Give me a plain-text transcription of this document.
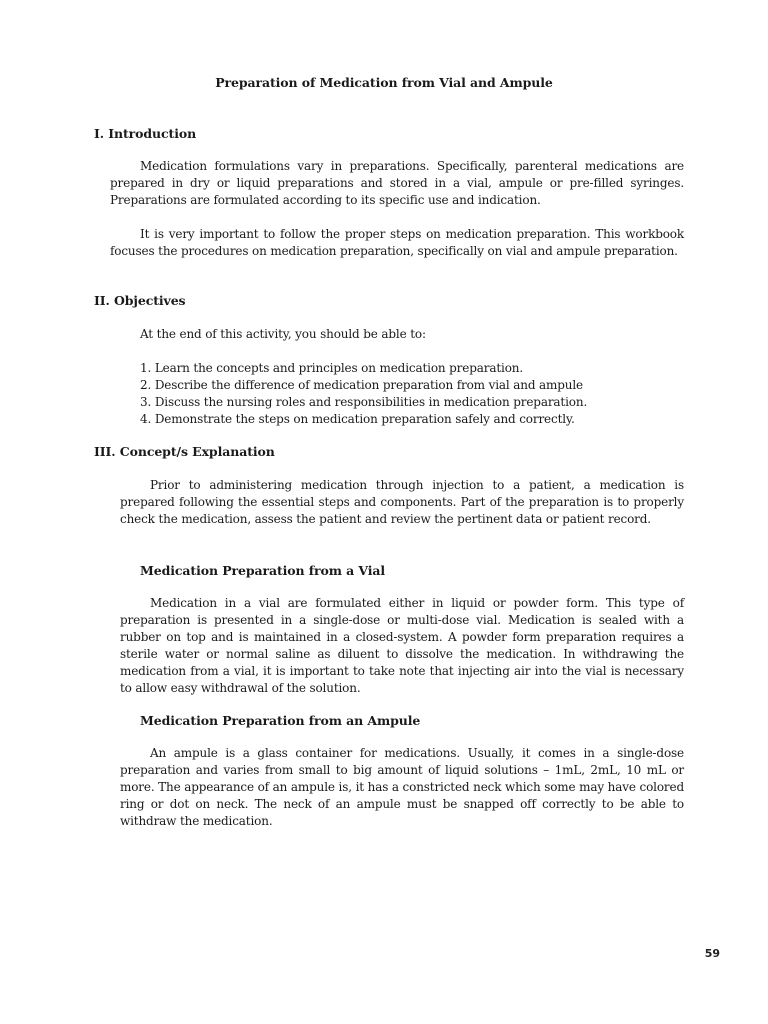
Preparation of Medication from Vial and Ampule
I. Introduction

Medication formulations vary in preparations. Specifically, parenteral medications are prepared in dry or liquid preparations and stored in a vial, ampule or pre-filled syringes. Preparations are formulated according to its specific use and indication.

It is very important to follow the proper steps on medication preparation. This workbook focuses the procedures on medication preparation, specifically on vial and ampule preparation.

II. Objectives

At the end of this activity, you should be able to:

1. Learn the concepts and principles on medication preparation.
2. Describe the difference of medication preparation from vial and ampule
3. Discuss the nursing roles and responsibilities in medication preparation.
4. Demonstrate the steps on medication preparation safely and correctly.
III. Concept/s Explanation

Prior to administering medication through injection to a patient, a medication is prepared following the essential steps and components. Part of the preparation is to properly check the medication, assess the patient and review the pertinent data or patient record.

Medication Preparation from a Vial

Medication in a vial are formulated either in liquid or powder form. This type of preparation is presented in a single-dose or multi-dose vial. Medication is sealed with a rubber on top and is maintained in a closed-system. A powder form preparation requires a sterile water or normal saline as diluent to dissolve the medication. In withdrawing the medication from a vial, it is important to take note that injecting air into the vial is necessary to allow easy withdrawal of the solution.

Medication Preparation from an Ampule

An ampule is a glass container for medications. Usually, it comes in a single-dose preparation and varies from small to big amount of liquid solutions – 1mL, 2mL, 10 mL or more. The appearance of an ampule is, it has a constricted neck which some may have colored ring or dot on neck. The neck of an ampule must be snapped off correctly to be able to withdraw the medication.

59
